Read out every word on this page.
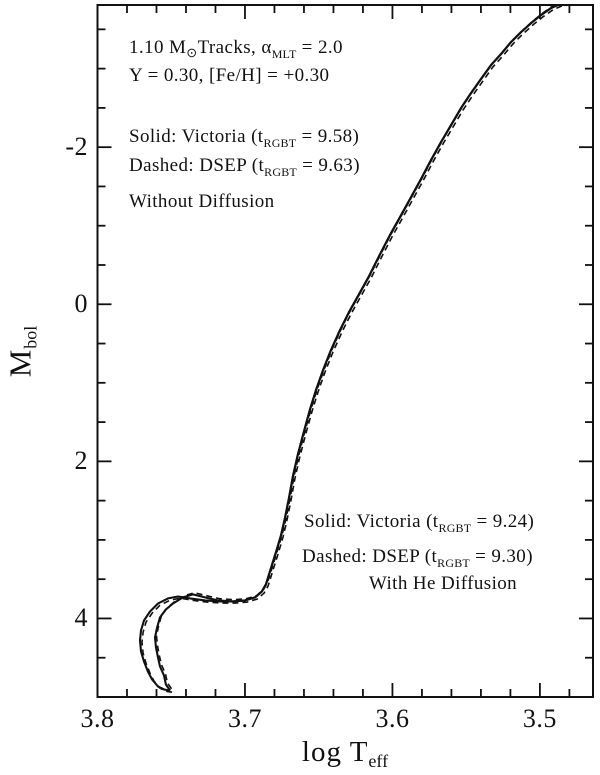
1.10 $M_⊙Tracks$, $\alpha_{MLT} = 2.0$
Y = 0.30, [Fe/H] = +0.30
Solid: Victoria $(t_{RGBT} = 9.58)$
Dashed: DSEP $(t_{RGBT} = 9.63)$
Without Diffusion
Solid: Victoria $(t_{RGBT} = 9.24)$
Dashed: DSEP $(t_{RGBT} = 9.30)$
With He Diffusion
$M_{bol}$
$\log T_{eff}$
3.8	3.7	3.6	3.5
-2
0
2
4
